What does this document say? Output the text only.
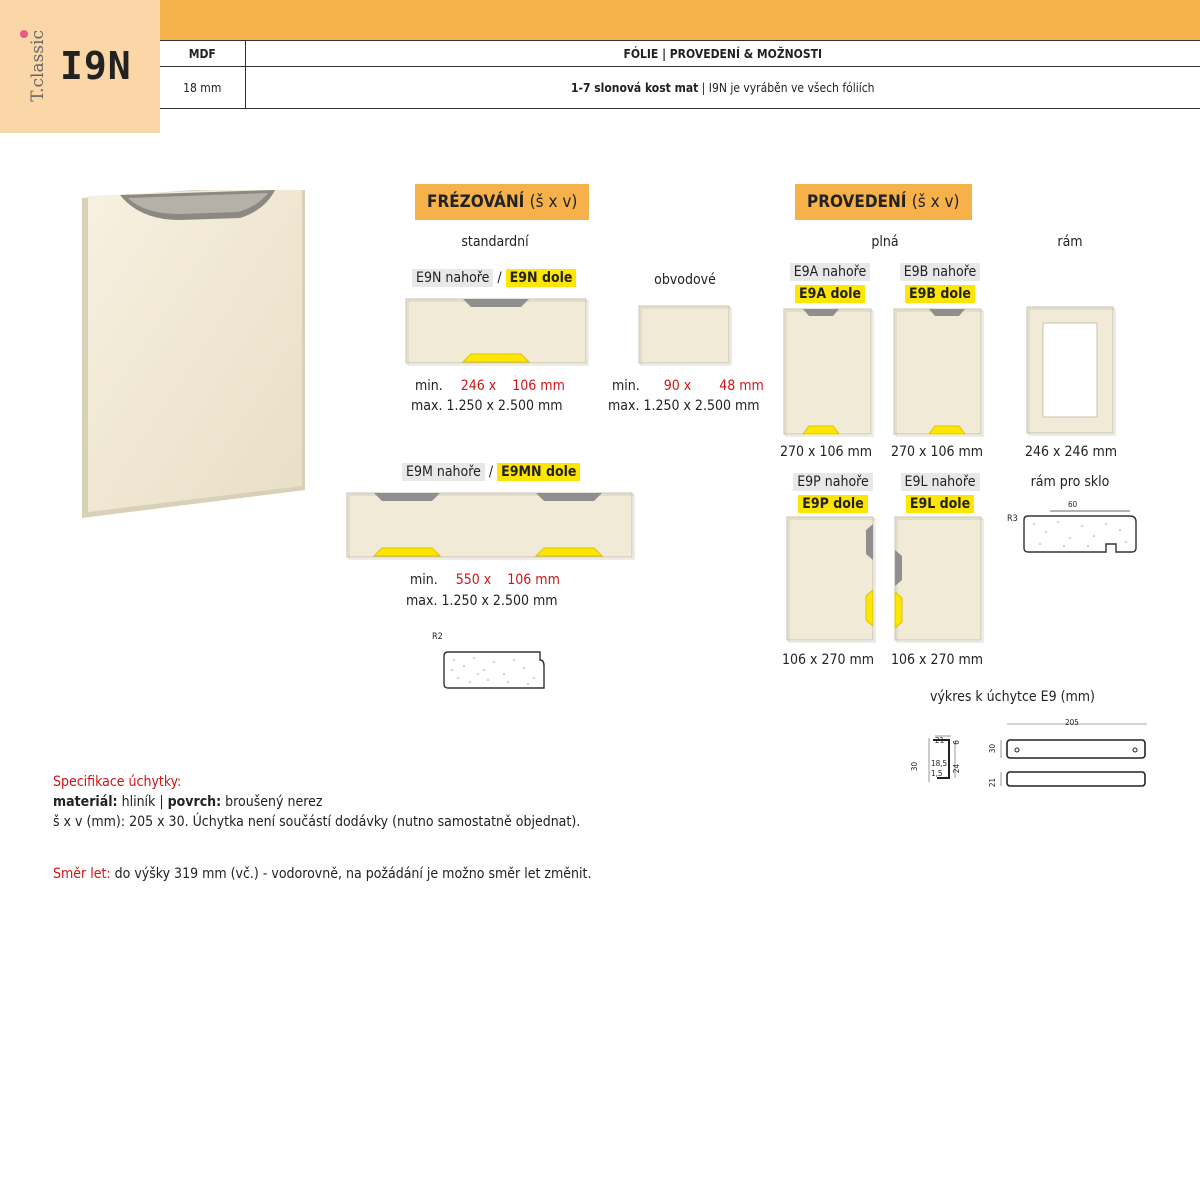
T.classic I9N	MDF	FÓLIE | PROVEDENÍ & MOŽNOSTI
18 mm	1-7 slonová kost mat | I9N je vyráběn ve všech fóliích
FRÉZOVÁNÍ (š x v)
standardní
obvodové
E9N nahoře / E9N dole
min. 246 x 106 mm
max. 1.250 x 2.500 mm
min. 90 x 48 mm
max. 1.250 x 2.500 mm
E9M nahoře / E9MN dole
min. 550 x 106 mm
max. 1.250 x 2.500 mm
R2
PROVEDENÍ (š x v)
plná	rám
E9A nahoře
E9A dole
270 x 106 mm
E9B nahoře
E9B dole
270 x 106 mm	246 x 246 mm
rám pro sklo
R3
60
E9P nahoře
E9P dole
106 x 270 mm
E9L nahoře
E9L dole
106 x 270 mm
výkres k úchytce E9 (mm)
205
30
21
21 6
30 18,5
1,5
24
Specifikace úchytky:
materiál: hliník | povrch: broušený nerez
š x v (mm): 205 x 30. Úchytka není součástí dodávky (nutno samostatně objednat).
Směr let: do výšky 319 mm (vč.) - vodorovně, na požádání je možno směr let změnit.
